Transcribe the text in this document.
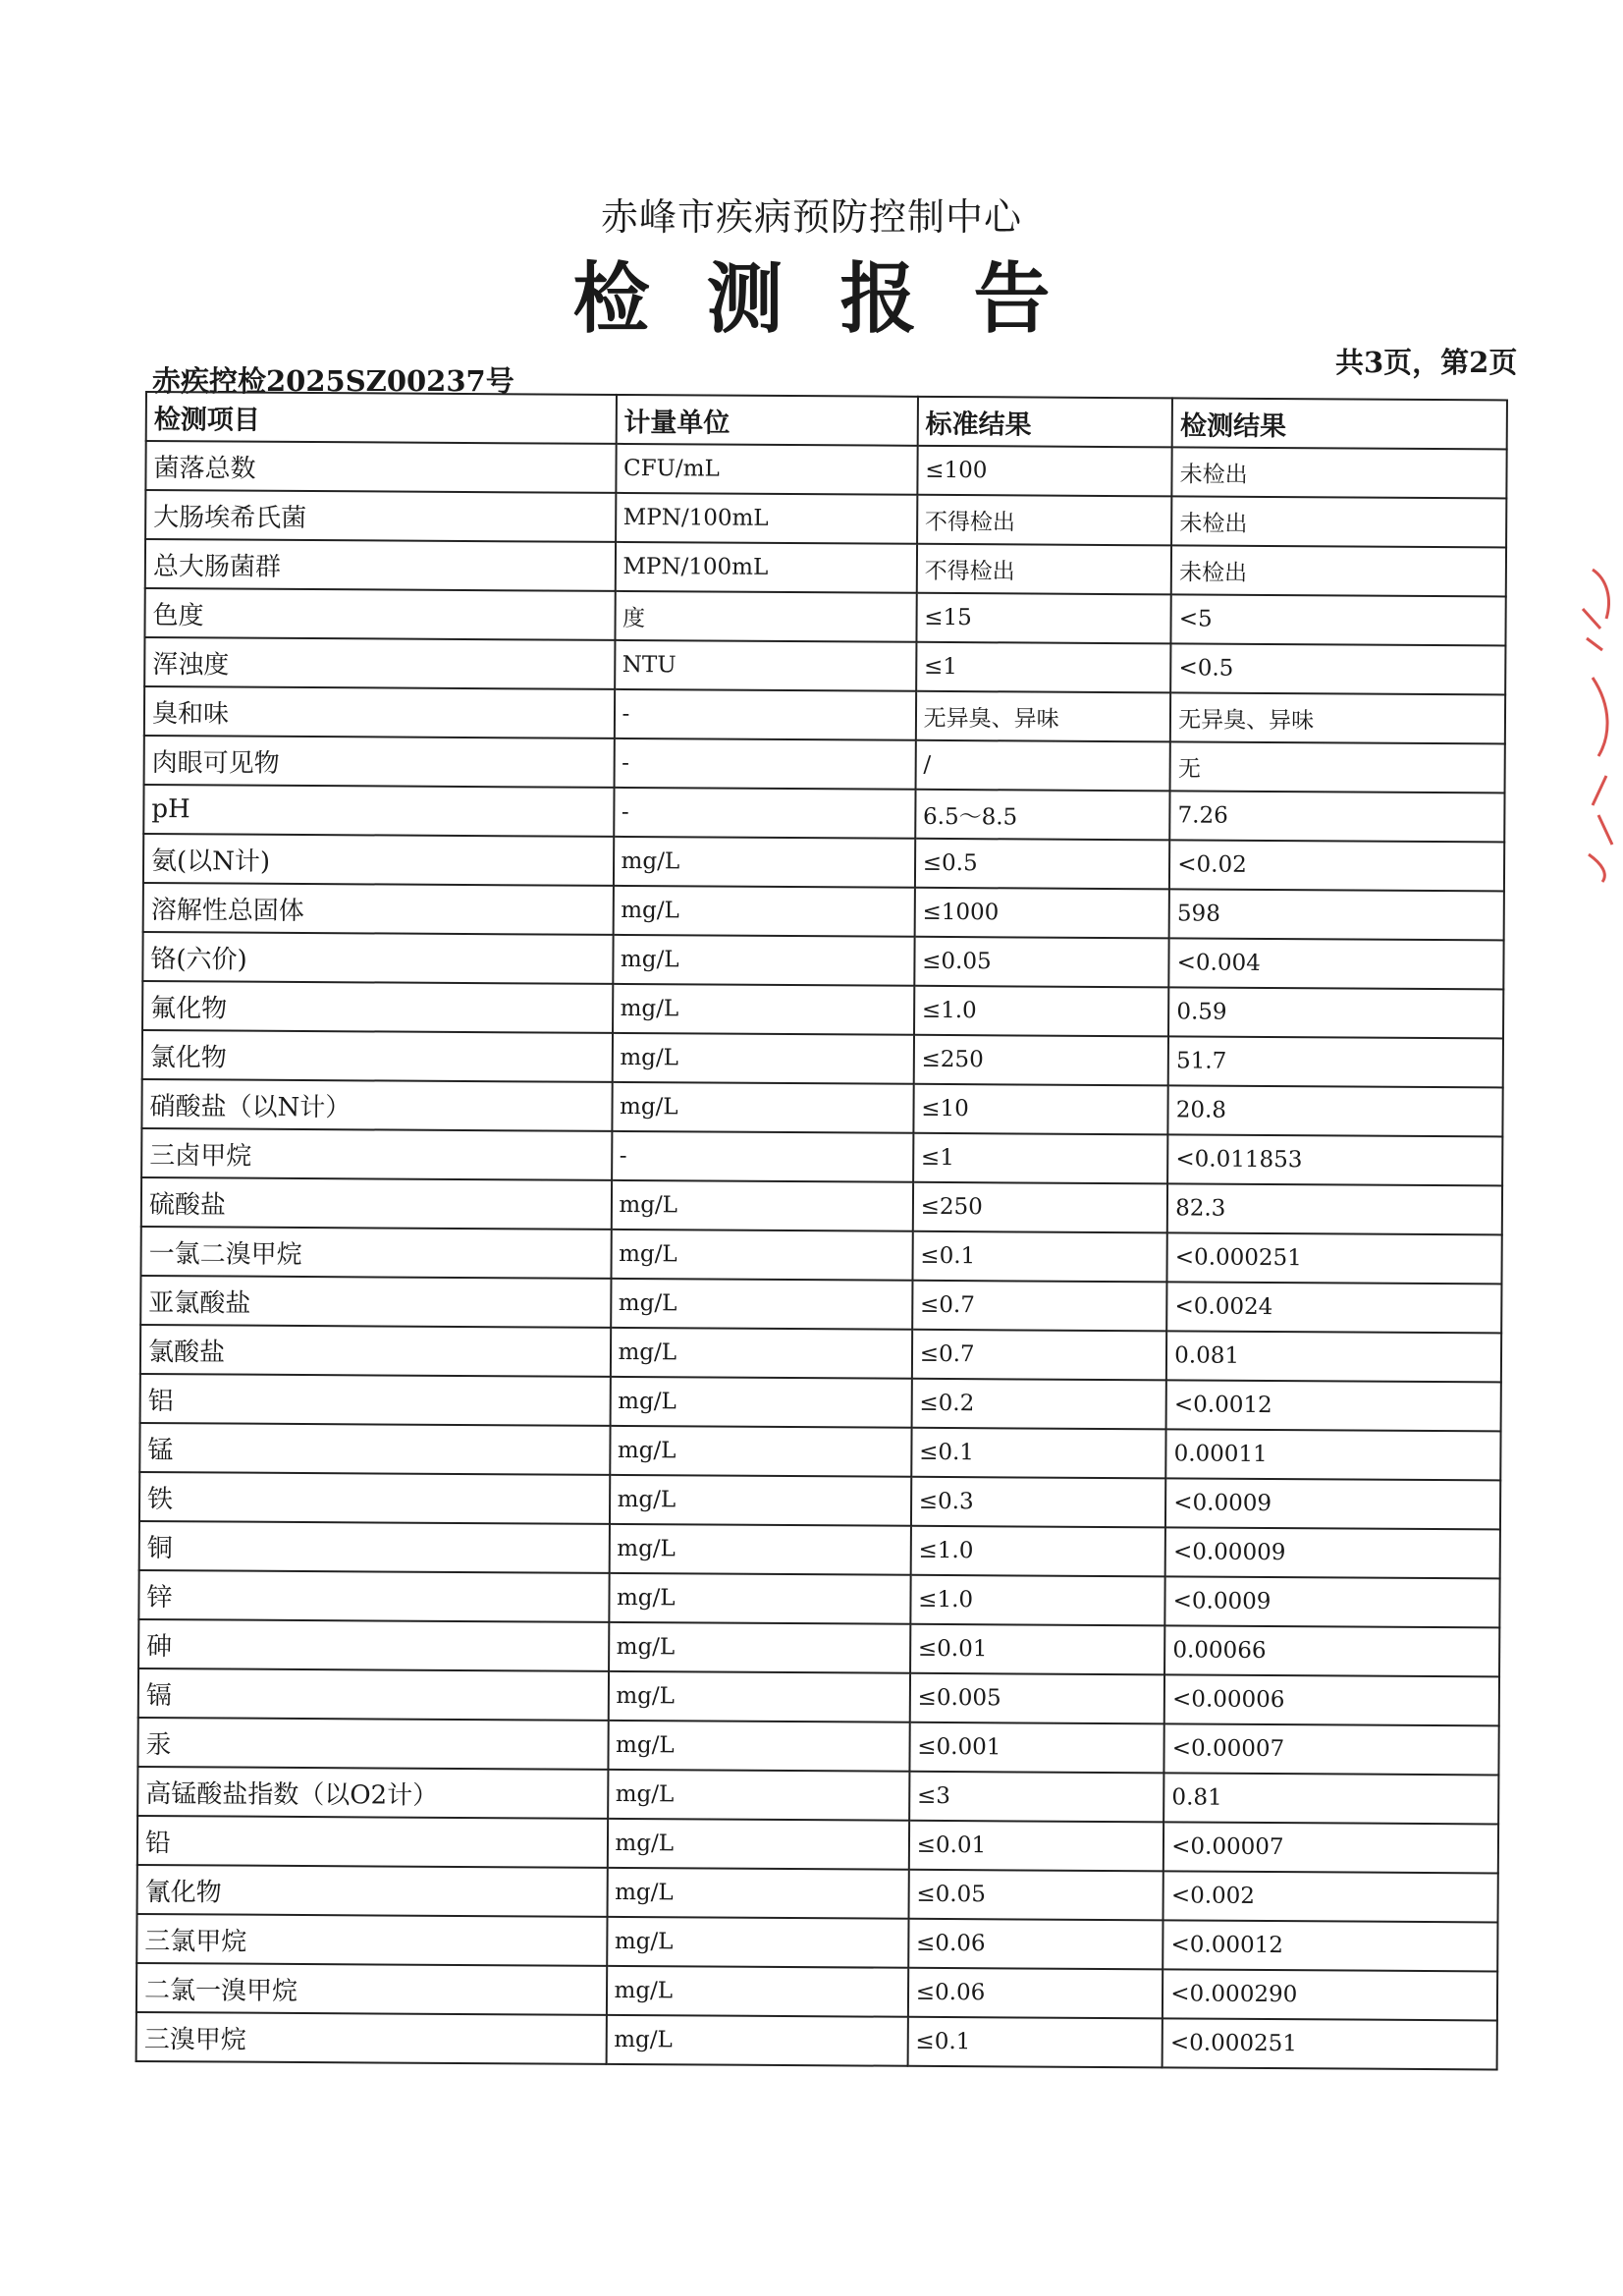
赤峰市疾病预防控制中心
检测报告
赤疾控检2025SZ00237号
共3页，第2页
检测项目	计量单位	标准结果	检测结果
菌落总数	CFU/mL	≤100	未检出
大肠埃希氏菌	MPN/100mL	不得检出	未检出
总大肠菌群	MPN/100mL	不得检出	未检出
色度	度	≤15	<5
浑浊度	NTU	≤1	<0.5
臭和味	-	无异臭、异味	无异臭、异味
肉眼可见物	-	/	无
pH	-	6.5～8.5	7.26
氨(以N计)	mg/L	≤0.5	<0.02
溶解性总固体	mg/L	≤1000	598
铬(六价)	mg/L	≤0.05	<0.004
氟化物	mg/L	≤1.0	0.59
氯化物	mg/L	≤250	51.7
硝酸盐（以N计）	mg/L	≤10	20.8
三卤甲烷	-	≤1	<0.011853
硫酸盐	mg/L	≤250	82.3
一氯二溴甲烷	mg/L	≤0.1	<0.000251
亚氯酸盐	mg/L	≤0.7	<0.0024
氯酸盐	mg/L	≤0.7	0.081
铝	mg/L	≤0.2	<0.0012
锰	mg/L	≤0.1	0.00011
铁	mg/L	≤0.3	<0.0009
铜	mg/L	≤1.0	<0.00009
锌	mg/L	≤1.0	<0.0009
砷	mg/L	≤0.01	0.00066
镉	mg/L	≤0.005	<0.00006
汞	mg/L	≤0.001	<0.00007
高锰酸盐指数（以O2计）	mg/L	≤3	0.81
铅	mg/L	≤0.01	<0.00007
氰化物	mg/L	≤0.05	<0.002
三氯甲烷	mg/L	≤0.06	<0.00012
二氯一溴甲烷	mg/L	≤0.06	<0.000290
三溴甲烷	mg/L	≤0.1	<0.000251
